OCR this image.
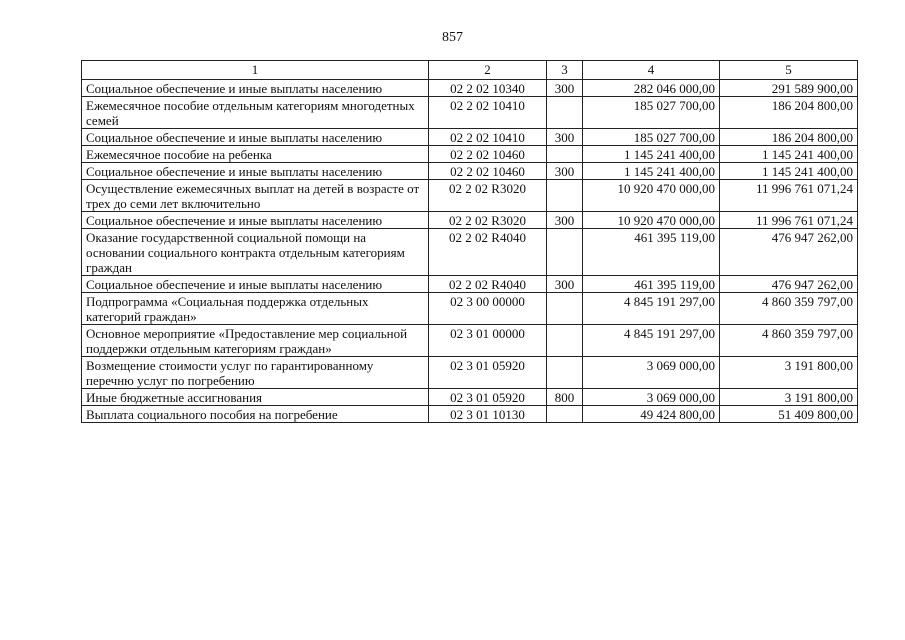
857
1	2	3	4	5
Социальное обеспечение и иные выплаты населению	02 2 02 10340	300	282 046 000,00	291 589 900,00
Ежемесячное пособие отдельным категориям многодетных семей	02 2 02 10410		185 027 700,00	186 204 800,00
Социальное обеспечение и иные выплаты населению	02 2 02 10410	300	185 027 700,00	186 204 800,00
Ежемесячное пособие на ребенка	02 2 02 10460		1 145 241 400,00	1 145 241 400,00
Социальное обеспечение и иные выплаты населению	02 2 02 10460	300	1 145 241 400,00	1 145 241 400,00
Осуществление ежемесячных выплат на детей в возрасте от трех до семи лет включительно	02 2 02 R3020		10 920 470 000,00	11 996 761 071,24
Социальное обеспечение и иные выплаты населению	02 2 02 R3020	300	10 920 470 000,00	11 996 761 071,24
Оказание государственной социальной помощи на основании социального контракта отдельным категориям граждан	02 2 02 R4040		461 395 119,00	476 947 262,00
Социальное обеспечение и иные выплаты населению	02 2 02 R4040	300	461 395 119,00	476 947 262,00
Подпрограмма «Социальная поддержка отдельных категорий граждан»	02 3 00 00000		4 845 191 297,00	4 860 359 797,00
Основное мероприятие «Предоставление мер социальной поддержки отдельным категориям граждан»	02 3 01 00000		4 845 191 297,00	4 860 359 797,00
Возмещение стоимости услуг по гарантированному перечню услуг по погребению	02 3 01 05920		3 069 000,00	3 191 800,00
Иные бюджетные ассигнования	02 3 01 05920	800	3 069 000,00	3 191 800,00
Выплата социального пособия на погребение	02 3 01 10130		49 424 800,00	51 409 800,00
